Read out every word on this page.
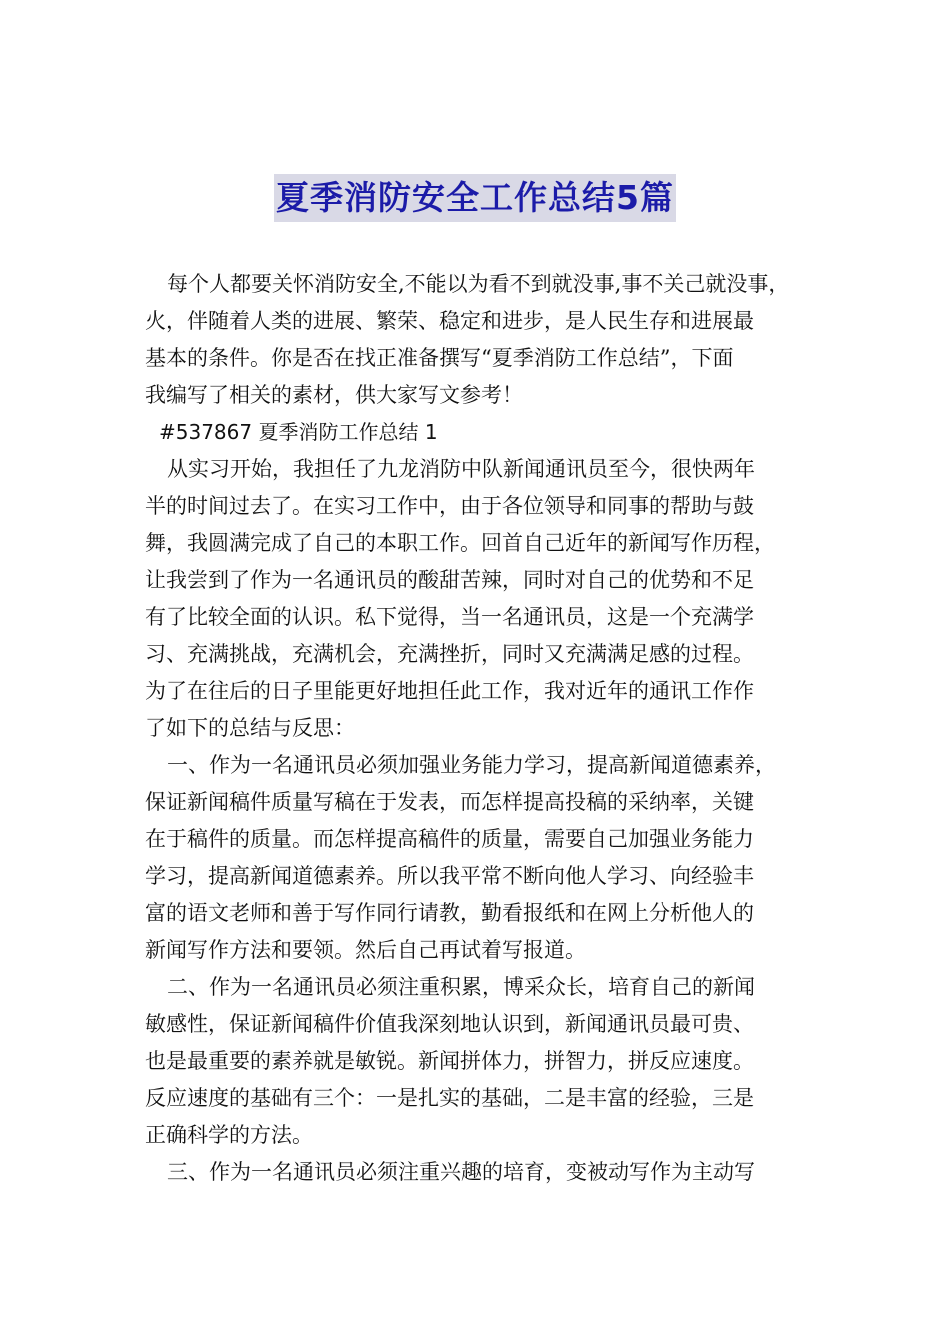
夏季消防安全工作总结5篇
每个人都要关怀消防安全,不能以为看不到就没事,事不关己就没事，
火，伴随着人类的进展、繁荣、稳定和进步，是人民生存和进展最
基本的条件。你是否在找正准备撰写“夏季消防工作总结”，下面
我编写了相关的素材，供大家写文参考！
#537867 夏季消防工作总结 1
从实习开始，我担任了九龙消防中队新闻通讯员至今，很快两年
半的时间过去了。在实习工作中，由于各位领导和同事的帮助与鼓
舞，我圆满完成了自己的本职工作。回首自己近年的新闻写作历程，
让我尝到了作为一名通讯员的酸甜苦辣，同时对自己的优势和不足
有了比较全面的认识。私下觉得，当一名通讯员，这是一个充满学
习、充满挑战，充满机会，充满挫折，同时又充满满足感的过程。
为了在往后的日子里能更好地担任此工作，我对近年的通讯工作作
了如下的总结与反思：
一、作为一名通讯员必须加强业务能力学习，提高新闻道德素养，
保证新闻稿件质量写稿在于发表，而怎样提高投稿的采纳率，关键
在于稿件的质量。而怎样提高稿件的质量，需要自己加强业务能力
学习，提高新闻道德素养。所以我平常不断向他人学习、向经验丰
富的语文老师和善于写作同行请教，勤看报纸和在网上分析他人的
新闻写作方法和要领。然后自己再试着写报道。
二、作为一名通讯员必须注重积累，博采众长，培育自己的新闻
敏感性，保证新闻稿件价值我深刻地认识到，新闻通讯员最可贵、
也是最重要的素养就是敏锐。新闻拼体力，拼智力，拼反应速度。
反应速度的基础有三个：一是扎实的基础，二是丰富的经验，三是
正确科学的方法。
三、作为一名通讯员必须注重兴趣的培育，变被动写作为主动写
